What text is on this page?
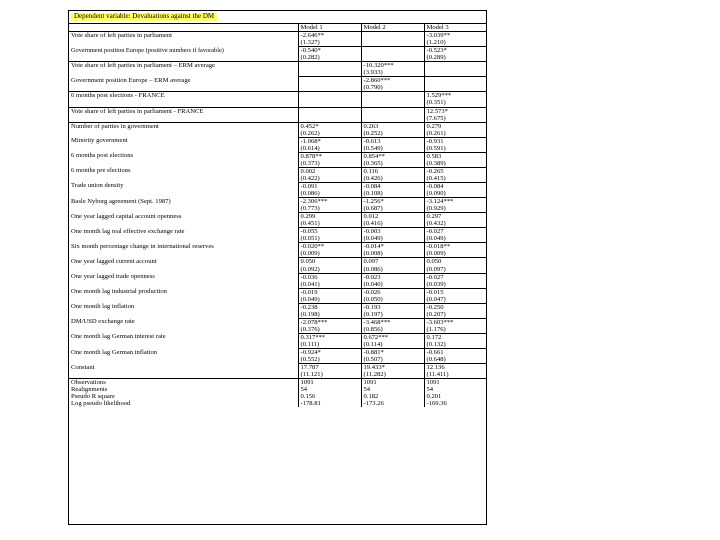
Dependent variable: Devaluations against the DM			
	Model 1	Model 2	Model 3
Vote share of left parties in parliament	-2.646**		-3.039**
	(1.327)		(1.210)
Government position Europe (positive numbers if favorable)	-0.540*		-0.523*
	(0.282)		(0.289)
Vote share of left parties in parliament – ERM average		-10.320***	
		(3.933)	
Government position Europe – ERM average		-2.860***	
		(0.790)	
6 months post elections - FRANCE			1.529***
			(0.351)
Vote share of left parties in parliament - FRANCE			12.573*
			(7.675)
Number of parties in government	0.452*	0.263	0.279
	(0.262)	(0.252)	(0.261)
Minority government	-1.068*	-0.613	-0.931
	(0.614)	(0.549)	(0.591)
6 months post elections	0.878**	0.854**	0.583
	(0.373)	(0.365)	(0.389)
6 months pre elections	0.002	0.116	-0.265
	(0.422)	(0.426)	(0.415)
Trade union density	-0.091	-0.084	-0.084
	(0.086)	(0.108)	(0.090)
Basle Nyborg agreement (Sept. 1987)	-2.306***	-1.256*	-3.124***
	(0.773)	(0.687)	(0.929)
One year lagged capital account openness	0.299	0.012	0.297
	(0.451)	(0.416)	(0.432)
One month lag real effective exchange rate	-0.055	-0.003	-0.027
	(0.051)	(0.049)	(0.049)
Six month percentage change in international reserves	-0.020**	-0.014*	-0.018**
	(0.009)	(0.008)	(0.009)
One year lagged current account	0.050	0.097	0.050
	(0.092)	(0.086)	(0.097)
One year lagged trade openness	-0.036	-0.023	-0.027
	(0.041)	(0.040)	(0.039)
One month lag industrial production	-0.019	-0.026	-0.015
	(0.049)	(0.050)	(0.047)
One month lag inflation	-0.238	-0.193	-0.250
	(0.198)	(0.197)	(0.207)
DM/USD exchange rate	-2.078***	-3.468***	-3.603***
	(0.376)	(0.856)	(1.176)
One month lag German interest rate	0.317***	0.672***	0.172
	(0.111)	(0.114)	(0.132)
One month lag German inflation	-0.924*	-0.881*	-0.661
	(0.552)	(0.507)	(0.648)
Constant	17.787	19.433*	12.136
	(11.121)	(11.282)	(11.411)
Observations	1091	1091	1091
Realignments	54	54	54
Pseudo R square	0.156	0.182	0.201
Log pseudo likelihood	-178.81	-173.26	-169.36
